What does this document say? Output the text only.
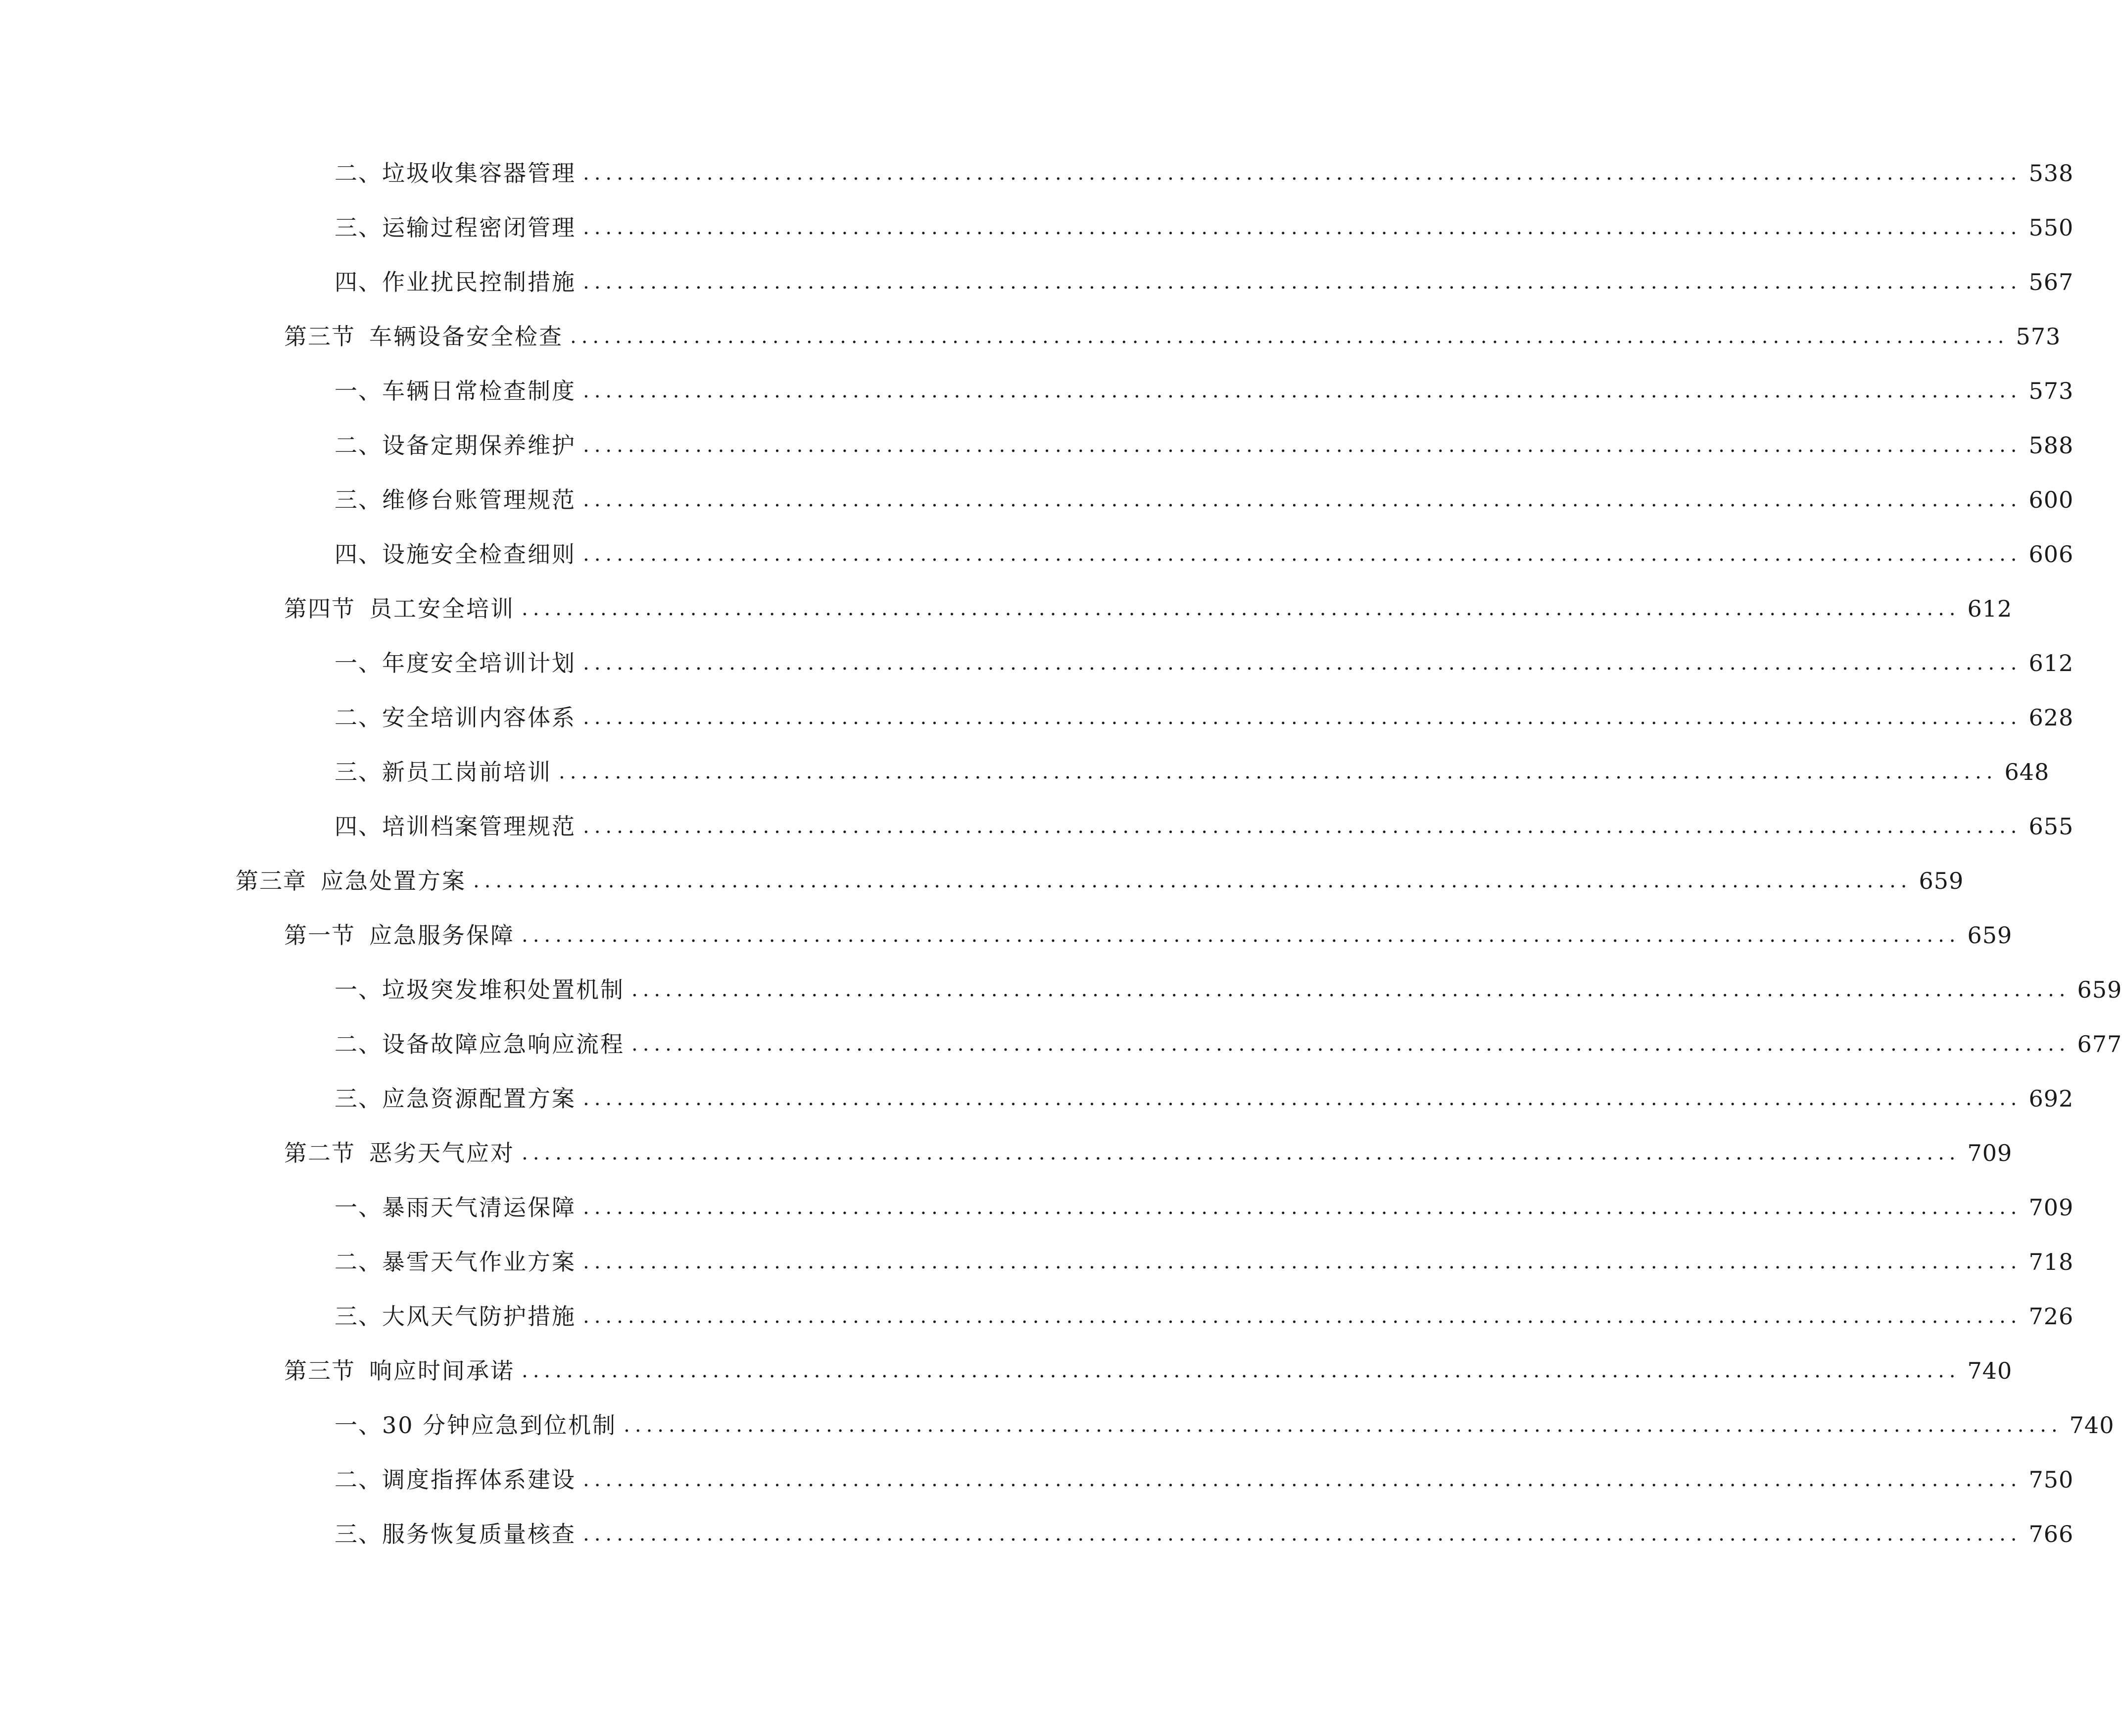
二、 垃圾收集容器管理 ................................................................................................................................ 538
三、 运输过程密闭管理 ................................................................................................................................ 550
四、 作业扰民控制措施 ................................................................................................................................ 567
第三节 车辆设备安全检查 ................................................................................................................................ 573
一、 车辆日常检查制度 ................................................................................................................................ 573
二、 设备定期保养维护 ................................................................................................................................ 588
三、 维修台账管理规范 ................................................................................................................................ 600
四、 设施安全检查细则 ................................................................................................................................ 606
第四节 员工安全培训 ................................................................................................................................ 612
一、 年度安全培训计划 ................................................................................................................................ 612
二、 安全培训内容体系 ................................................................................................................................ 628
三、 新员工岗前培训 ................................................................................................................................ 648
四、 培训档案管理规范 ................................................................................................................................ 655
第三章 应急处置方案 ................................................................................................................................ 659
第一节 应急服务保障 ................................................................................................................................ 659
一、 垃圾突发堆积处置机制 ................................................................................................................................ 659
二、 设备故障应急响应流程 ................................................................................................................................ 677
三、 应急资源配置方案 ................................................................................................................................ 692
第二节 恶劣天气应对 ................................................................................................................................ 709
一、 暴雨天气清运保障 ................................................................................................................................ 709
二、 暴雪天气作业方案 ................................................................................................................................ 718
三、 大风天气防护措施 ................................................................................................................................ 726
第三节 响应时间承诺 ................................................................................................................................ 740
一、 30 分钟应急到位机制 ................................................................................................................................ 740
二、 调度指挥体系建设 ................................................................................................................................ 750
三、 服务恢复质量核查 ................................................................................................................................ 766
